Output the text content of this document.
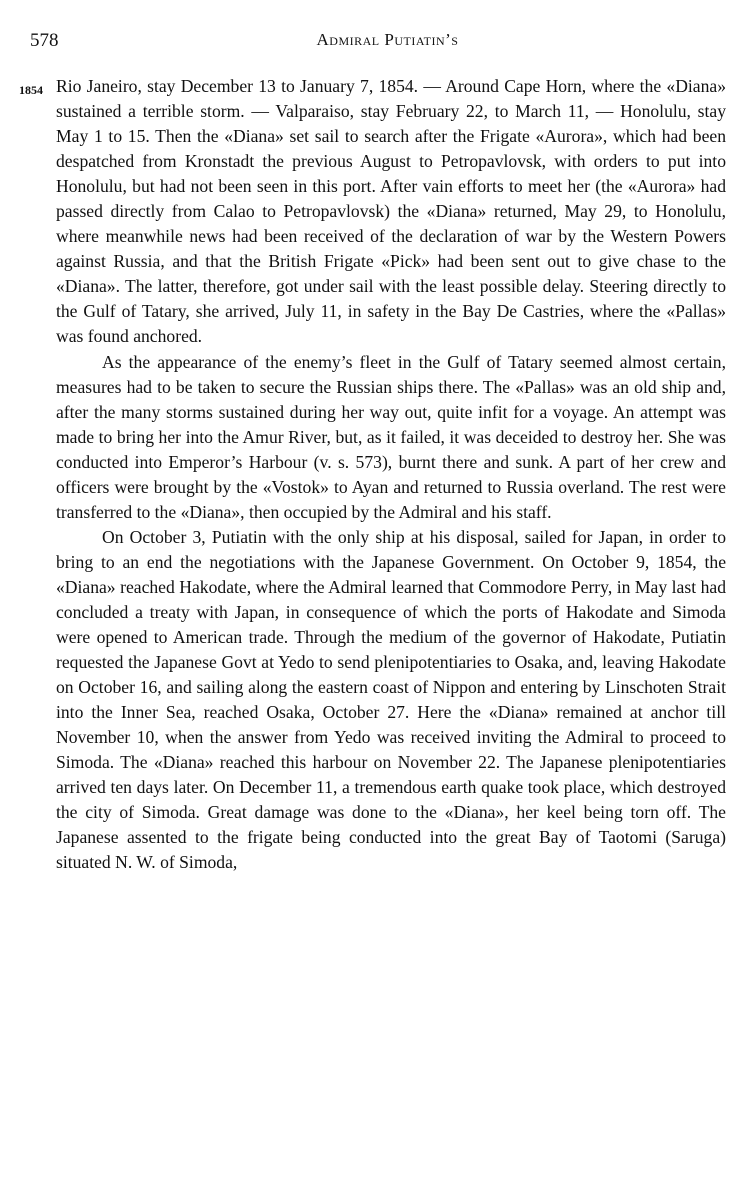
578	Admiral Putiatin’s
1854 Rio Janeiro, stay December 13 to January 7, 1854. — Around Cape Horn, where the «Diana» sustained a terrible storm. — Valparaiso, stay February 22, to March 11, — Honolulu, stay May 1 to 15. Then the «Diana» set sail to search after the Frigate «Aurora», which had been despatched from Kronstadt the previous August to Petropavlovsk, with orders to put into Honolulu, but had not been seen in this port. After vain efforts to meet her (the «Aurora» had passed directly from Calao to Petropavlovsk) the «Diana» returned, May 29, to Honolulu, where meanwhile news had been received of the declaration of war by the Western Powers against Russia, and that the British Frigate «Pick» had been sent out to give chase to the «Diana». The latter, therefore, got under sail with the least possible delay. Steering directly to the Gulf of Tatary, she arrived, July 11, in safety in the Bay De Castries, where the «Pallas» was found anchored.

As the appearance of the enemy’s fleet in the Gulf of Tatary seemed almost certain, measures had to be taken to secure the Russian ships there. The «Pallas» was an old ship and, after the many storms sustained during her way out, quite infit for a voyage. An attempt was made to bring her into the Amur River, but, as it failed, it was deceided to destroy her. She was conducted into Emperor’s Harbour (v. s. 573), burnt there and sunk. A part of her crew and officers were brought by the «Vostok» to Ayan and returned to Russia overland. The rest were transferred to the «Diana», then occupied by the Admiral and his staff.

On October 3, Putiatin with the only ship at his disposal, sailed for Japan, in order to bring to an end the negotiations with the Japanese Government. On October 9, 1854, the «Diana» reached Hakodate, where the Admiral learned that Commodore Perry, in May last had concluded a treaty with Japan, in consequence of which the ports of Hakodate and Simoda were opened to American trade. Through the medium of the governor of Hakodate, Putiatin requested the Japanese Govt at Yedo to send plenipotentiaries to Osaka, and, leaving Hakodate on October 16, and sailing along the eastern coast of Nippon and entering by Linschoten Strait into the Inner Sea, reached Osaka, October 27. Here the «Diana» remained at anchor till November 10, when the answer from Yedo was received inviting the Admiral to proceed to Simoda. The «Diana» reached this harbour on November 22. The Japanese plenipotentiaries arrived ten days later. On December 11, a tremendous earth quake took place, which destroyed the city of Simoda. Great damage was done to the «Diana», her keel being torn off. The Japanese assented to the frigate being conducted into the great Bay of Taotomi (Saruga) situated N. W. of Simoda,
